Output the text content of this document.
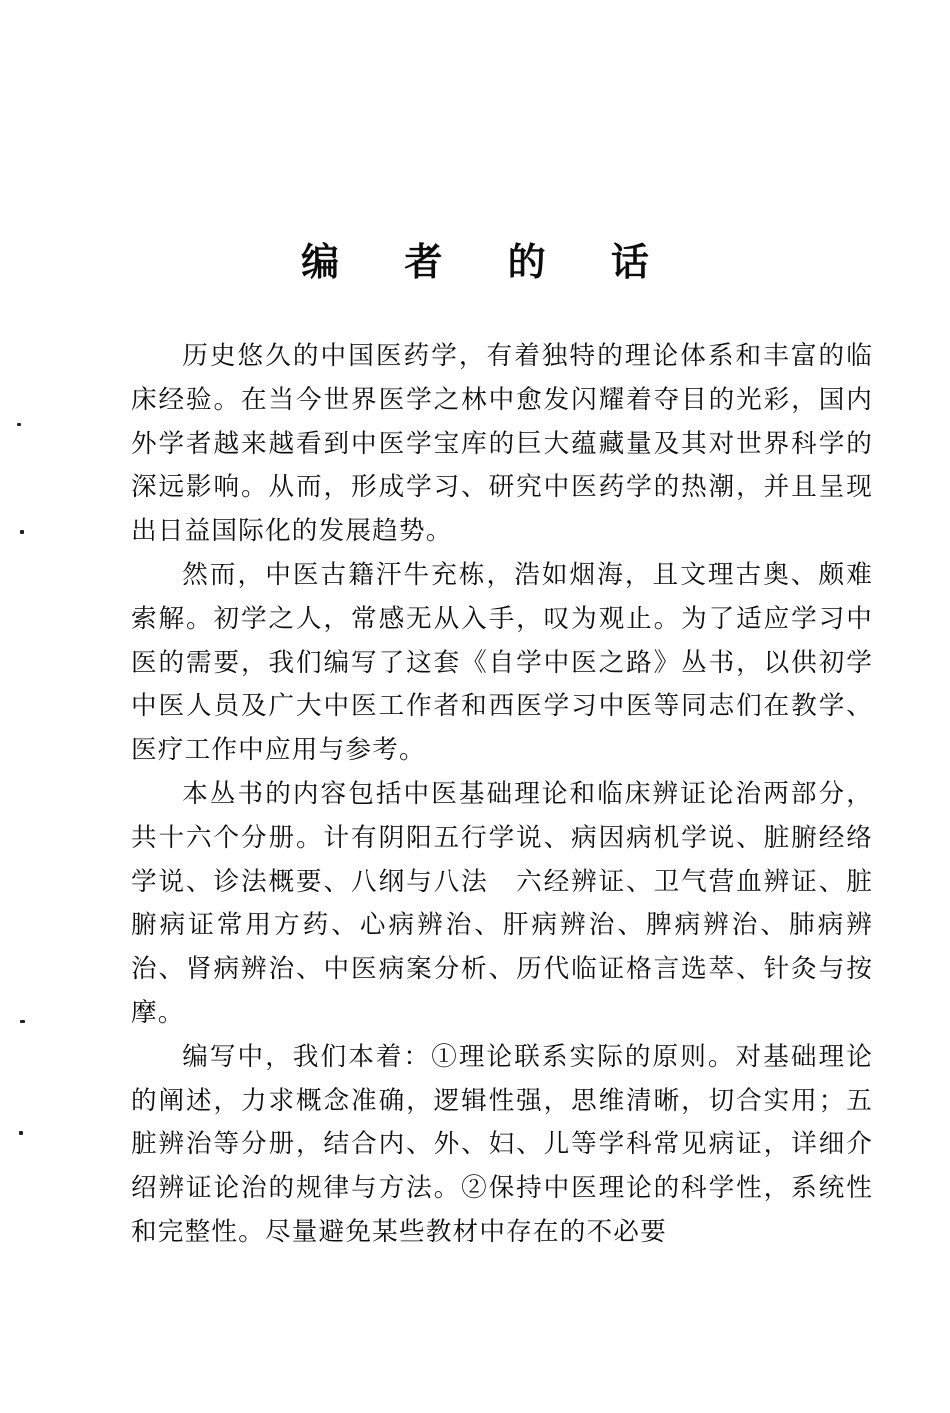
编 者 的 话

历史悠久的中国医药学，有着独特的理论体系和丰富的临床经验。在当今世界医学之林中愈发闪耀着夺目的光彩，国内外学者越来越看到中医学宝库的巨大蕴藏量及其对世界科学的深远影响。从而，形成学习、研究中医药学的热潮，并且呈现出日益国际化的发展趋势。

然而，中医古籍汗牛充栋，浩如烟海，且文理古奥、颇难索解。初学之人，常感无从入手，叹为观止。为了适应学习中医的需要，我们编写了这套《自学中医之路》丛书，以供初学中医人员及广大中医工作者和西医学习中医等同志们在教学、医疗工作中应用与参考。

本丛书的内容包括中医基础理论和临床辨证论治两部分，共十六个分册。计有阴阳五行学说、病因病机学说、脏腑经络学说、诊法概要、八纲与八法　六经辨证、卫气营血辨证、脏腑病证常用方药、心病辨治、肝病辨治、脾病辨治、肺病辨治、肾病辨治、中医病案分析、历代临证格言选萃、针灸与按摩。

编写中，我们本着：①理论联系实际的原则。对基础理论的阐述，力求概念准确，逻辑性强，思维清晰，切合实用；五脏辨治等分册，结合内、外、妇、儿等学科常见病证，详细介绍辨证论治的规律与方法。②保持中医理论的科学性，系统性和完整性。尽量避免某些教材中存在的不必要
